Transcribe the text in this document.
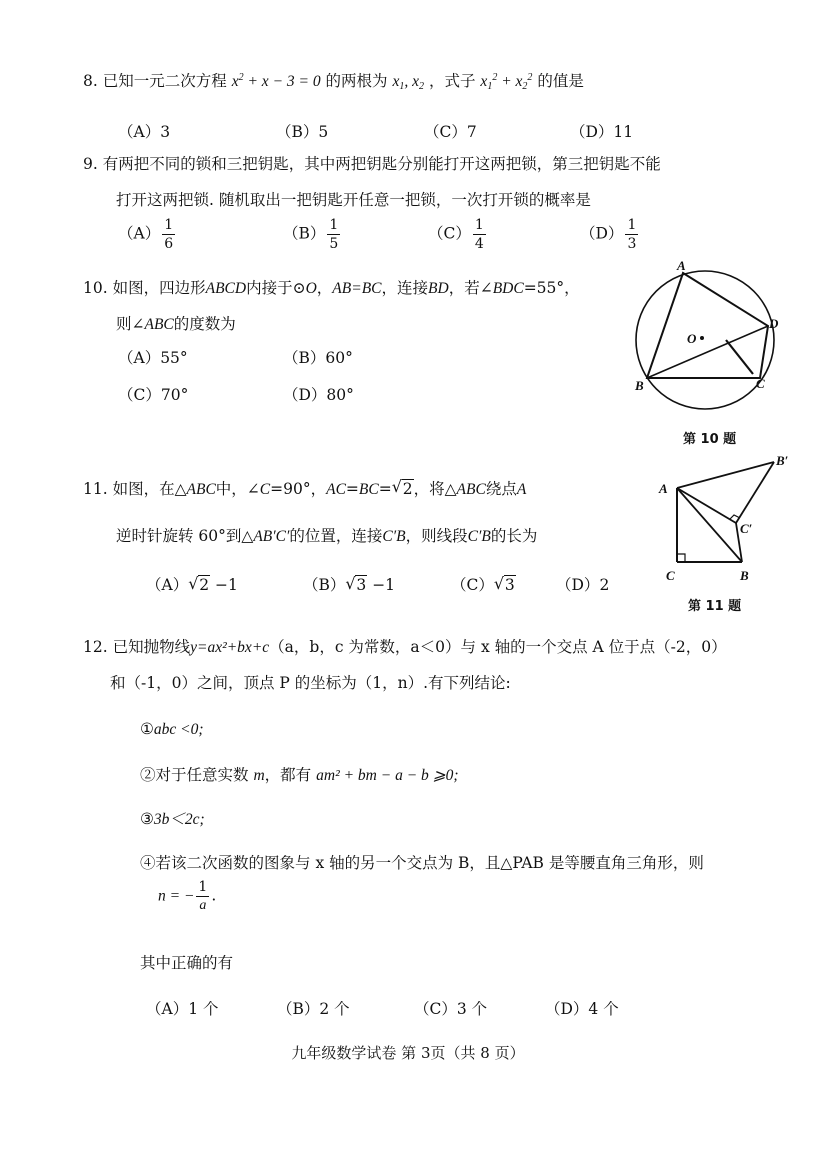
8. 已知一元二次方程 $x^2 + x - 3 = 0$ 的两根为 $x_1$, $x_2$ ，式子 $x_1^2 + x_2^2$ 的值是
（A）3	（B）5	（C）7	（D）11
9. 有两把不同的锁和三把钥匙，其中两把钥匙分别能打开这两把锁，第三把钥匙不能
打开这两把锁. 随机取出一把钥匙开任意一把锁，一次打开锁的概率是
$(A) \frac{1}{6}$	$(B) \frac{1}{5}$	$(C) \frac{1}{4}$	$(D) \frac{1}{3}$
10. 如图，四边形ABCD内接于⊙O，AB=BC，连接BD，若∠BDC=55°，
则∠ABC的度数为
（A）55°	（B）60°
（C）70°	（D）80°
A
D
O
B	C
第 10 题
11. 如图，在△ABC中，∠C=90°，AC=BC= √ 2，将△ABC绕点A
逆时针旋转 60°到△AB′C′的位置，连接C′B，则线段C′B的长为
（A） √ 2 −1	（B） √ 3 −1	（C） √ 3	（D）2
B′
A
C′
C	B
第 11 题
12. 已知抛物线y=ax²+bx+c（a，b，c 为常数，a＜0）与 x 轴的一个交点 A 位于点（-2，0）
和（-1，0）之间，顶点 P 的坐标为（1，n）.有下列结论:
①abc <0;
②对于任意实数 m，都有 am² + bm − a − b ⩾0;
③3b＜2c;
④若该二次函数的图象与 x 轴的另一个交点为 B，且△PAB 是等腰直角三角形，则
n = − $\frac{1}{a}$ .
其中正确的有
（A）1 个	（B）2 个	（C）3 个	（D）4 个
九年级数学试卷 第 3页（共 8 页）
